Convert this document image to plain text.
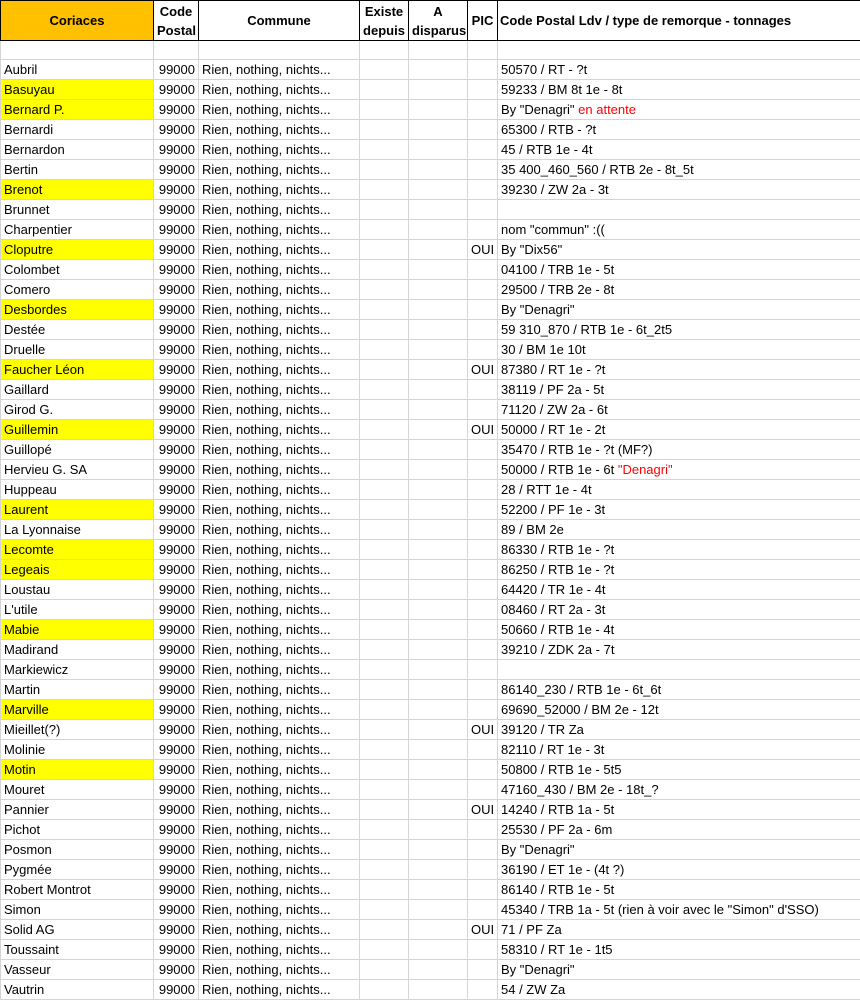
Coriaces	Code Postal	Commune	Existe depuis	A disparus	PIC	Code Postal Ldv / type de remorque - tonnages

Aubril	99000	Rien, nothing, nichts...				50570 / RT - ?t
Basuyau	99000	Rien, nothing, nichts...				59233 / BM 8t 1e - 8t
Bernard P.	99000	Rien, nothing, nichts...				By "Denagri" en attente
Bernardi	99000	Rien, nothing, nichts...				65300 / RTB - ?t
Bernardon	99000	Rien, nothing, nichts...				45 / RTB 1e - 4t
Bertin	99000	Rien, nothing, nichts...				35 400_460_560 / RTB 2e - 8t_5t
Brenot	99000	Rien, nothing, nichts...				39230 / ZW 2a - 3t
Brunnet	99000	Rien, nothing, nichts...				
Charpentier	99000	Rien, nothing, nichts...				nom "commun" :((
Cloputre	99000	Rien, nothing, nichts...			OUI	By "Dix56"
Colombet	99000	Rien, nothing, nichts...				04100 / TRB 1e - 5t
Comero	99000	Rien, nothing, nichts...				29500 / TRB 2e - 8t
Desbordes	99000	Rien, nothing, nichts...				By "Denagri"
Destée	99000	Rien, nothing, nichts...				59 310_870 / RTB 1e - 6t_2t5
Druelle	99000	Rien, nothing, nichts...				30 / BM 1e 10t
Faucher Léon	99000	Rien, nothing, nichts...			OUI	87380 / RT 1e - ?t
Gaillard	99000	Rien, nothing, nichts...				38119 / PF 2a - 5t
Girod G.	99000	Rien, nothing, nichts...				71120 / ZW 2a - 6t
Guillemin	99000	Rien, nothing, nichts...			OUI	50000 / RT 1e - 2t
Guillopé	99000	Rien, nothing, nichts...				35470 / RTB 1e - ?t (MF?)
Hervieu G. SA	99000	Rien, nothing, nichts...				50000 / RTB 1e - 6t "Denagri"
Huppeau	99000	Rien, nothing, nichts...				28 / RTT 1e - 4t
Laurent	99000	Rien, nothing, nichts...				52200 / PF 1e - 3t
La Lyonnaise	99000	Rien, nothing, nichts...				89 / BM 2e
Lecomte	99000	Rien, nothing, nichts...				86330 / RTB 1e - ?t
Legeais	99000	Rien, nothing, nichts...				86250 / RTB 1e - ?t
Loustau	99000	Rien, nothing, nichts...				64420 / TR 1e - 4t
L'utile	99000	Rien, nothing, nichts...				08460 / RT 2a - 3t
Mabie	99000	Rien, nothing, nichts...				50660 / RTB 1e - 4t
Madirand	99000	Rien, nothing, nichts...				39210 / ZDK 2a - 7t
Markiewicz	99000	Rien, nothing, nichts...				
Martin	99000	Rien, nothing, nichts...				86140_230 / RTB 1e - 6t_6t
Marville	99000	Rien, nothing, nichts...				69690_52000 / BM 2e - 12t
Mieillet(?)	99000	Rien, nothing, nichts...			OUI	39120 / TR Za
Molinie	99000	Rien, nothing, nichts...				82110 / RT 1e - 3t
Motin	99000	Rien, nothing, nichts...				50800 / RTB 1e - 5t5
Mouret	99000	Rien, nothing, nichts...				47160_430 / BM 2e - 18t_?
Pannier	99000	Rien, nothing, nichts...			OUI	14240 / RTB 1a - 5t
Pichot	99000	Rien, nothing, nichts...				25530 / PF 2a - 6m
Posmon	99000	Rien, nothing, nichts...				By "Denagri"
Pygmée	99000	Rien, nothing, nichts...				36190 / ET 1e - (4t ?)
Robert Montrot	99000	Rien, nothing, nichts...				86140 / RTB 1e - 5t
Simon	99000	Rien, nothing, nichts...				45340 / TRB 1a - 5t (rien à voir avec le "Simon" d'SSO)
Solid AG	99000	Rien, nothing, nichts...			OUI	71 / PF Za
Toussaint	99000	Rien, nothing, nichts...				58310 / RT 1e - 1t5
Vasseur	99000	Rien, nothing, nichts...				By "Denagri"
Vautrin	99000	Rien, nothing, nichts...				54 / ZW Za
